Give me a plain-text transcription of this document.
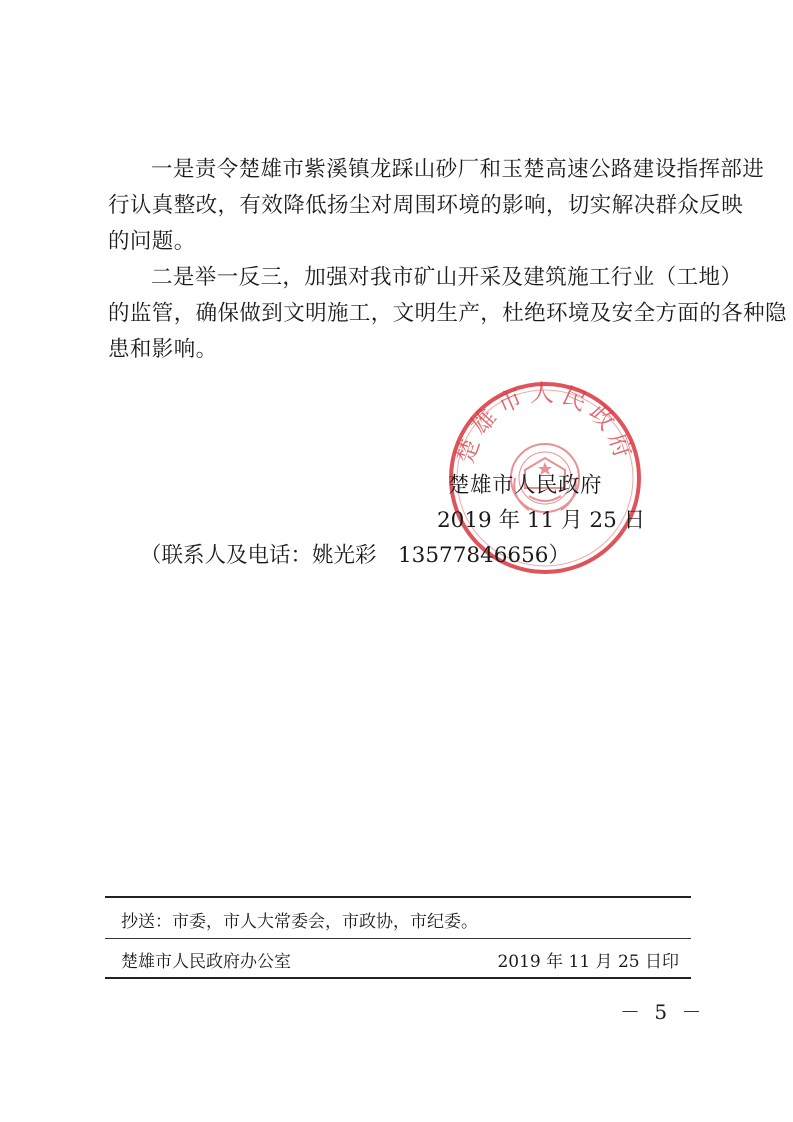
一是责令楚雄市紫溪镇龙踩山砂厂和玉楚高速公路建设指挥部进
行认真整改，有效降低扬尘对周围环境的影响，切实解决群众反映
的问题。

二是举一反三，加强对我市矿山开采及建筑施工行业（工地）
的监管，确保做到文明施工，文明生产，杜绝环境及安全方面的各种隐
患和影响。

楚雄市人民政府
楚雄市人民政府
2019 年 11 月 25 日
（联系人及电话：姚光彩　13577846656）
抄送：市委，市人大常委会，市政协，市纪委。
楚雄市人民政府办公室	2019 年 11 月 25 日印
－ 5 －
